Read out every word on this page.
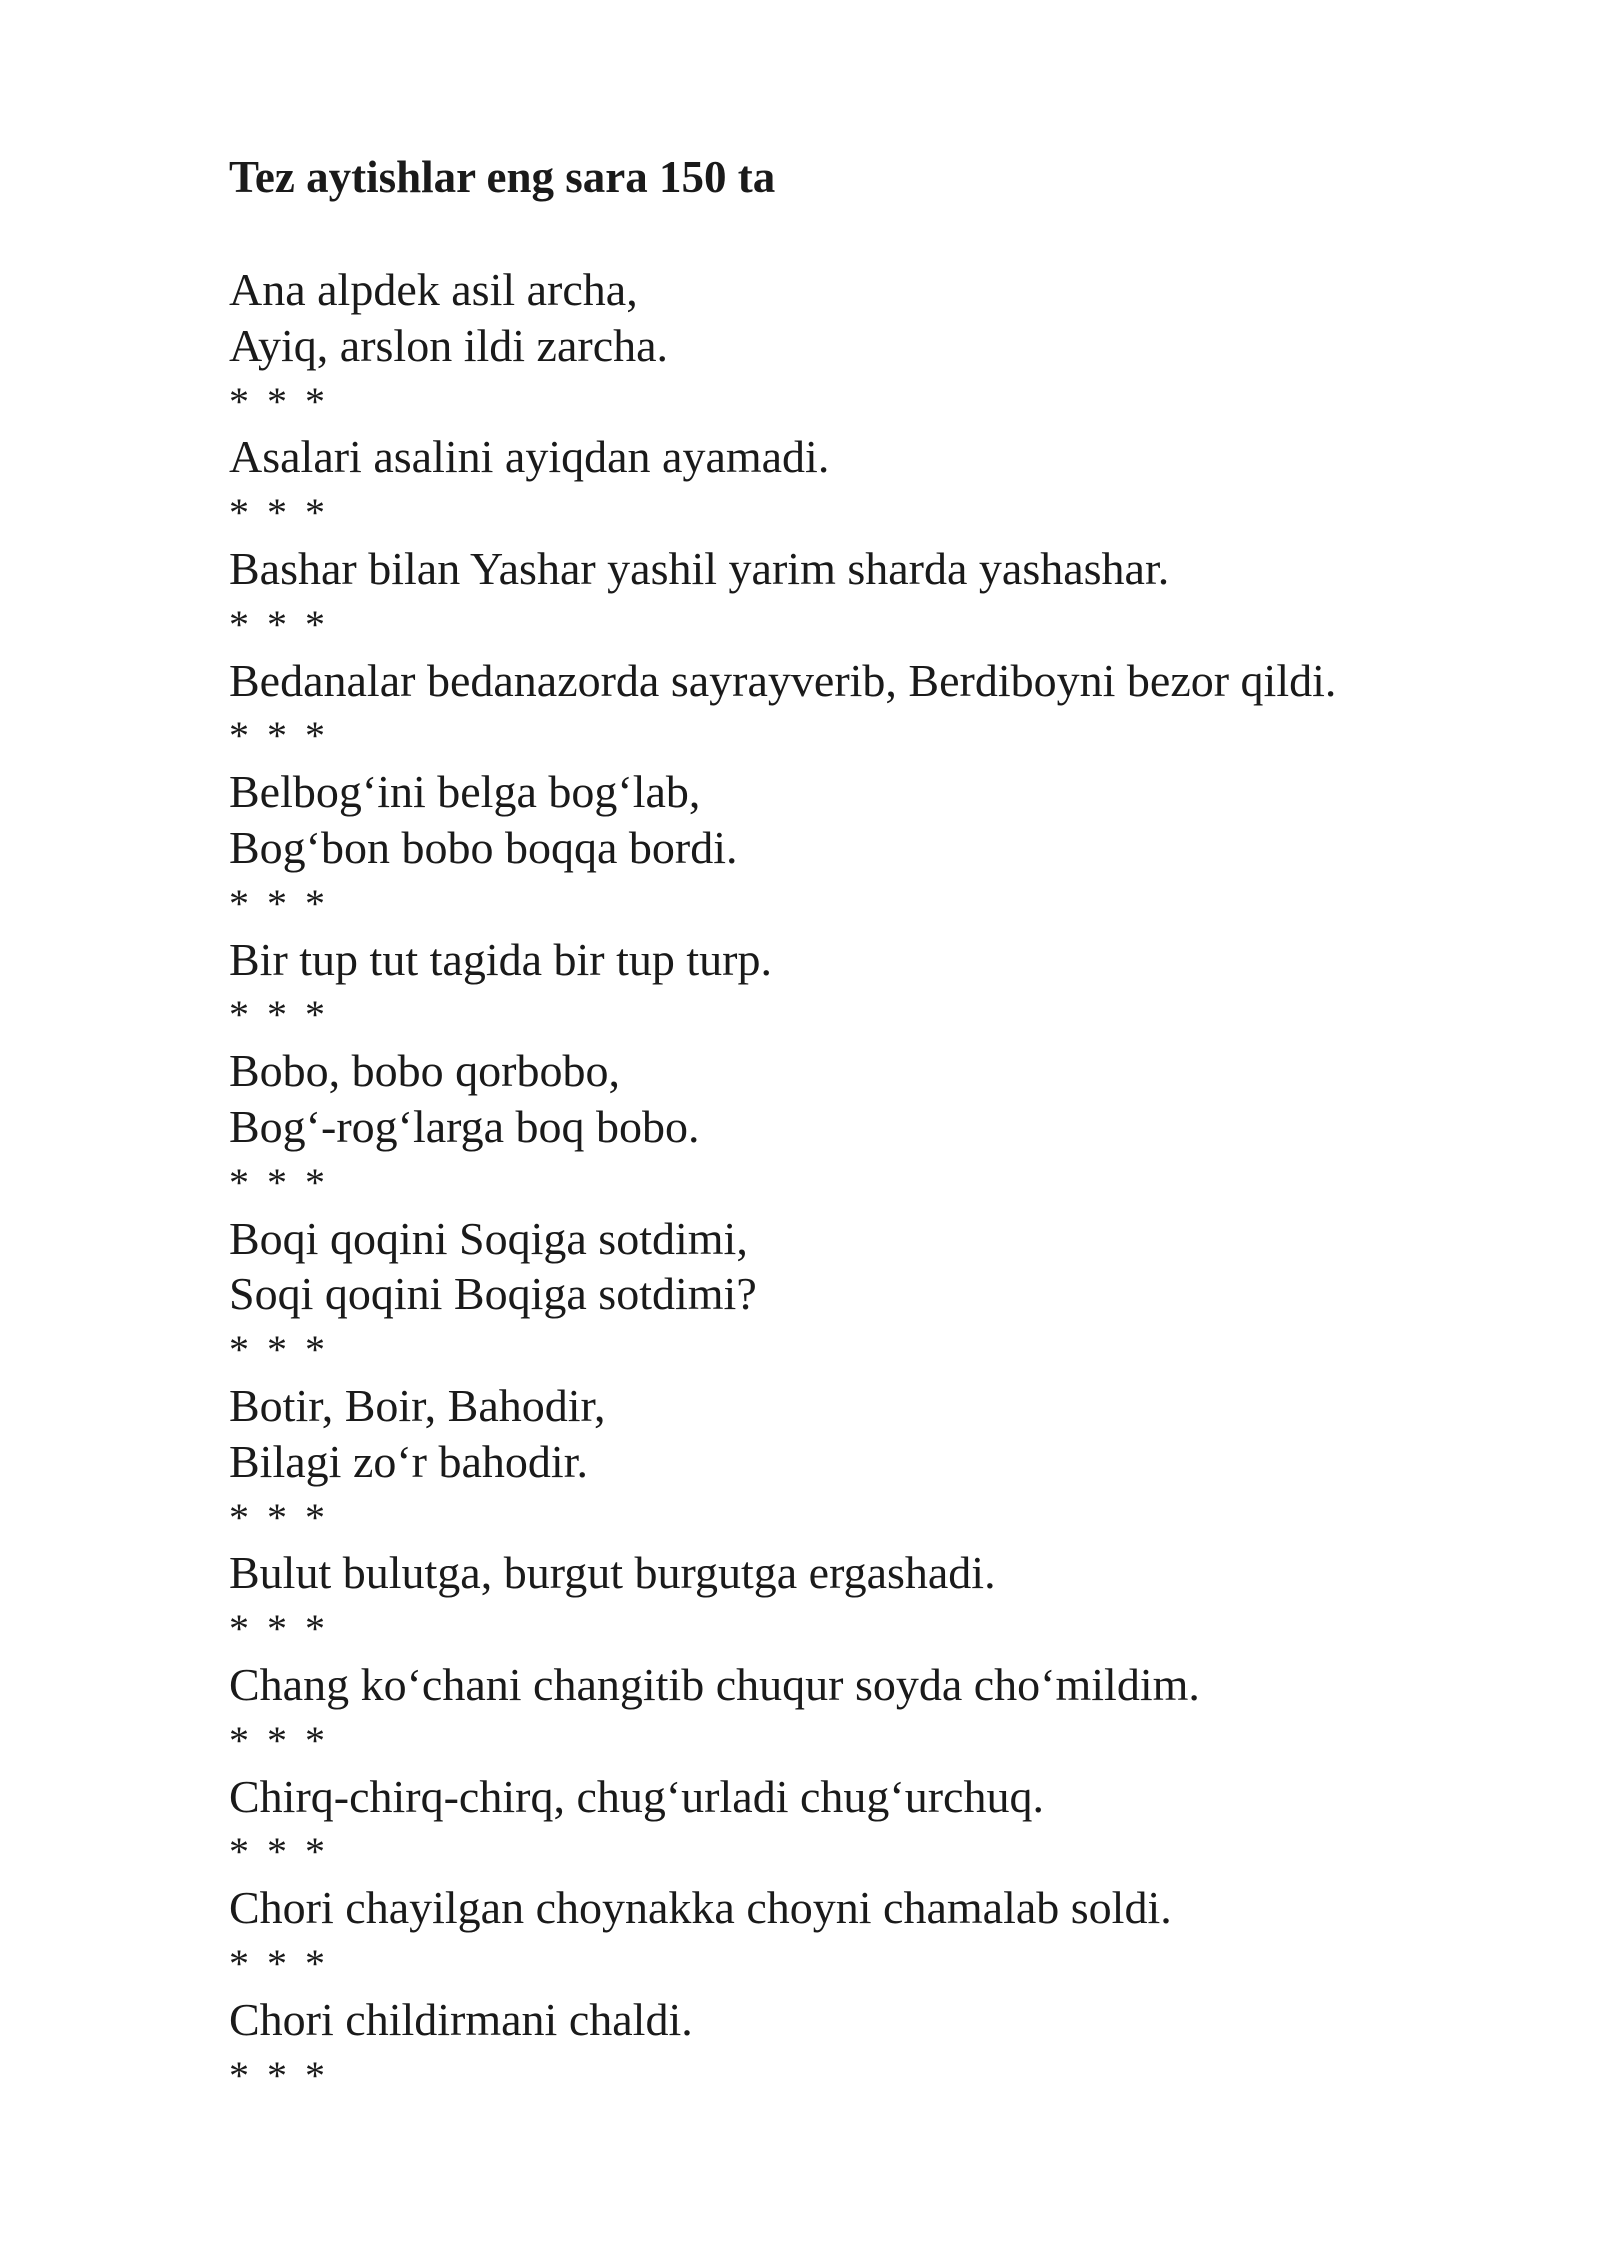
Tez aytishlar eng sara 150 ta
Ana alpdek asil archa,
Ayiq, arslon ildi zarcha.
* * *
Asalari asalini ayiqdan ayamadi.
* * *
Bashar bilan Yashar yashil yarim sharda yashashar.
* * *
Bedanalar bedanazorda sayrayverib, Berdiboyni bezor qildi.
* * *
Belbog‘ini belga bog‘lab,
Bog‘bon bobo boqqa bordi.
* * *
Bir tup tut tagida bir tup turp.
* * *
Bobo, bobo qorbobo,
Bog‘-rog‘larga boq bobo.
* * *
Boqi qoqini Soqiga sotdimi,
Soqi qoqini Boqiga sotdimi?
* * *
Botir, Boir, Bahodir,
Bilagi zo‘r bahodir.
* * *
Bulut bulutga, burgut burgutga ergashadi.
* * *
Chang ko‘chani changitib chuqur soyda cho‘mildim.
* * *
Chirq-chirq-chirq, chug‘urladi chug‘urchuq.
* * *
Chori chayilgan choynakka choyni chamalab soldi.
* * *
Chori childirmani chaldi.
* * *
